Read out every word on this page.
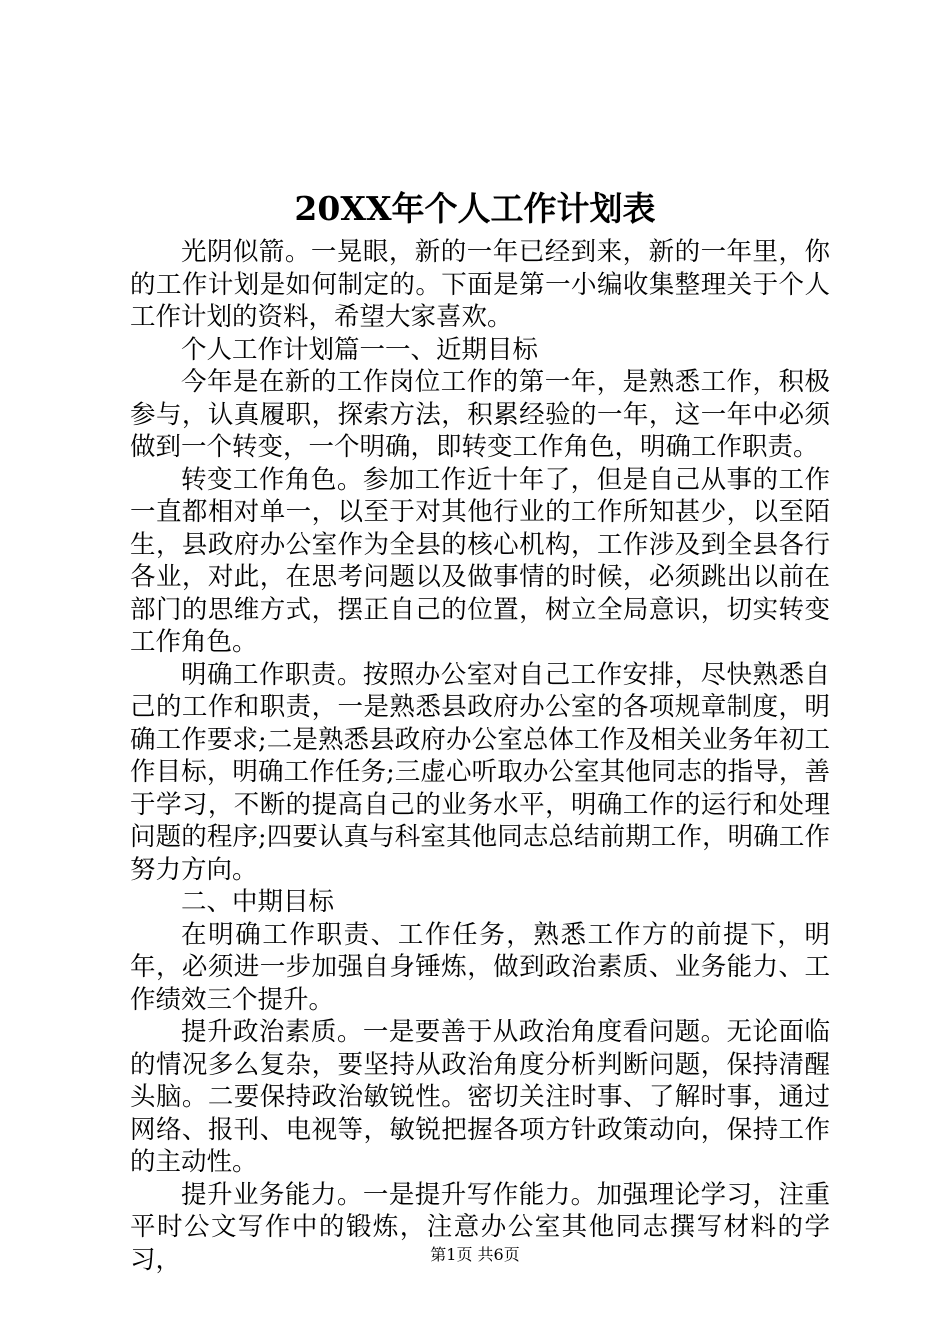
20XX年个人工作计划表

光阴似箭。一晃眼，新的一年已经到来，新的一年里，你的工作计划是如何制定的。下面是第一小编收集整理关于个人工作计划的资料，希望大家喜欢。

个人工作计划篇一一、近期目标

今年是在新的工作岗位工作的第一年，是熟悉工作，积极参与，认真履职，探索方法，积累经验的一年，这一年中必须做到一个转变，一个明确，即转变工作角色，明确工作职责。

转变工作角色。参加工作近十年了，但是自己从事的工作一直都相对单一，以至于对其他行业的工作所知甚少，以至陌生，县政府办公室作为全县的核心机构，工作涉及到全县各行各业，对此，在思考问题以及做事情的时候，必须跳出以前在部门的思维方式，摆正自己的位置，树立全局意识，切实转变工作角色。

明确工作职责。按照办公室对自己工作安排，尽快熟悉自己的工作和职责，一是熟悉县政府办公室的各项规章制度，明确工作要求;二是熟悉县政府办公室总体工作及相关业务年初工作目标，明确工作任务;三虚心听取办公室其他同志的指导，善于学习，不断的提高自己的业务水平，明确工作的运行和处理问题的程序;四要认真与科室其他同志总结前期工作，明确工作努力方向。

二、中期目标

在明确工作职责、工作任务，熟悉工作方的前提下，明年，必须进一步加强自身锤炼，做到政治素质、业务能力、工作绩效三个提升。

提升政治素质。一是要善于从政治角度看问题。无论面临的情况多么复杂，要坚持从政治角度分析判断问题，保持清醒头脑。二要保持政治敏锐性。密切关注时事、了解时事，通过网络、报刊、电视等，敏锐把握各项方针政策动向，保持工作的主动性。

提升业务能力。一是提升写作能力。加强理论学习，注重平时公文写作中的锻炼，注意办公室其他同志撰写材料的学习，	第1页 共6页
